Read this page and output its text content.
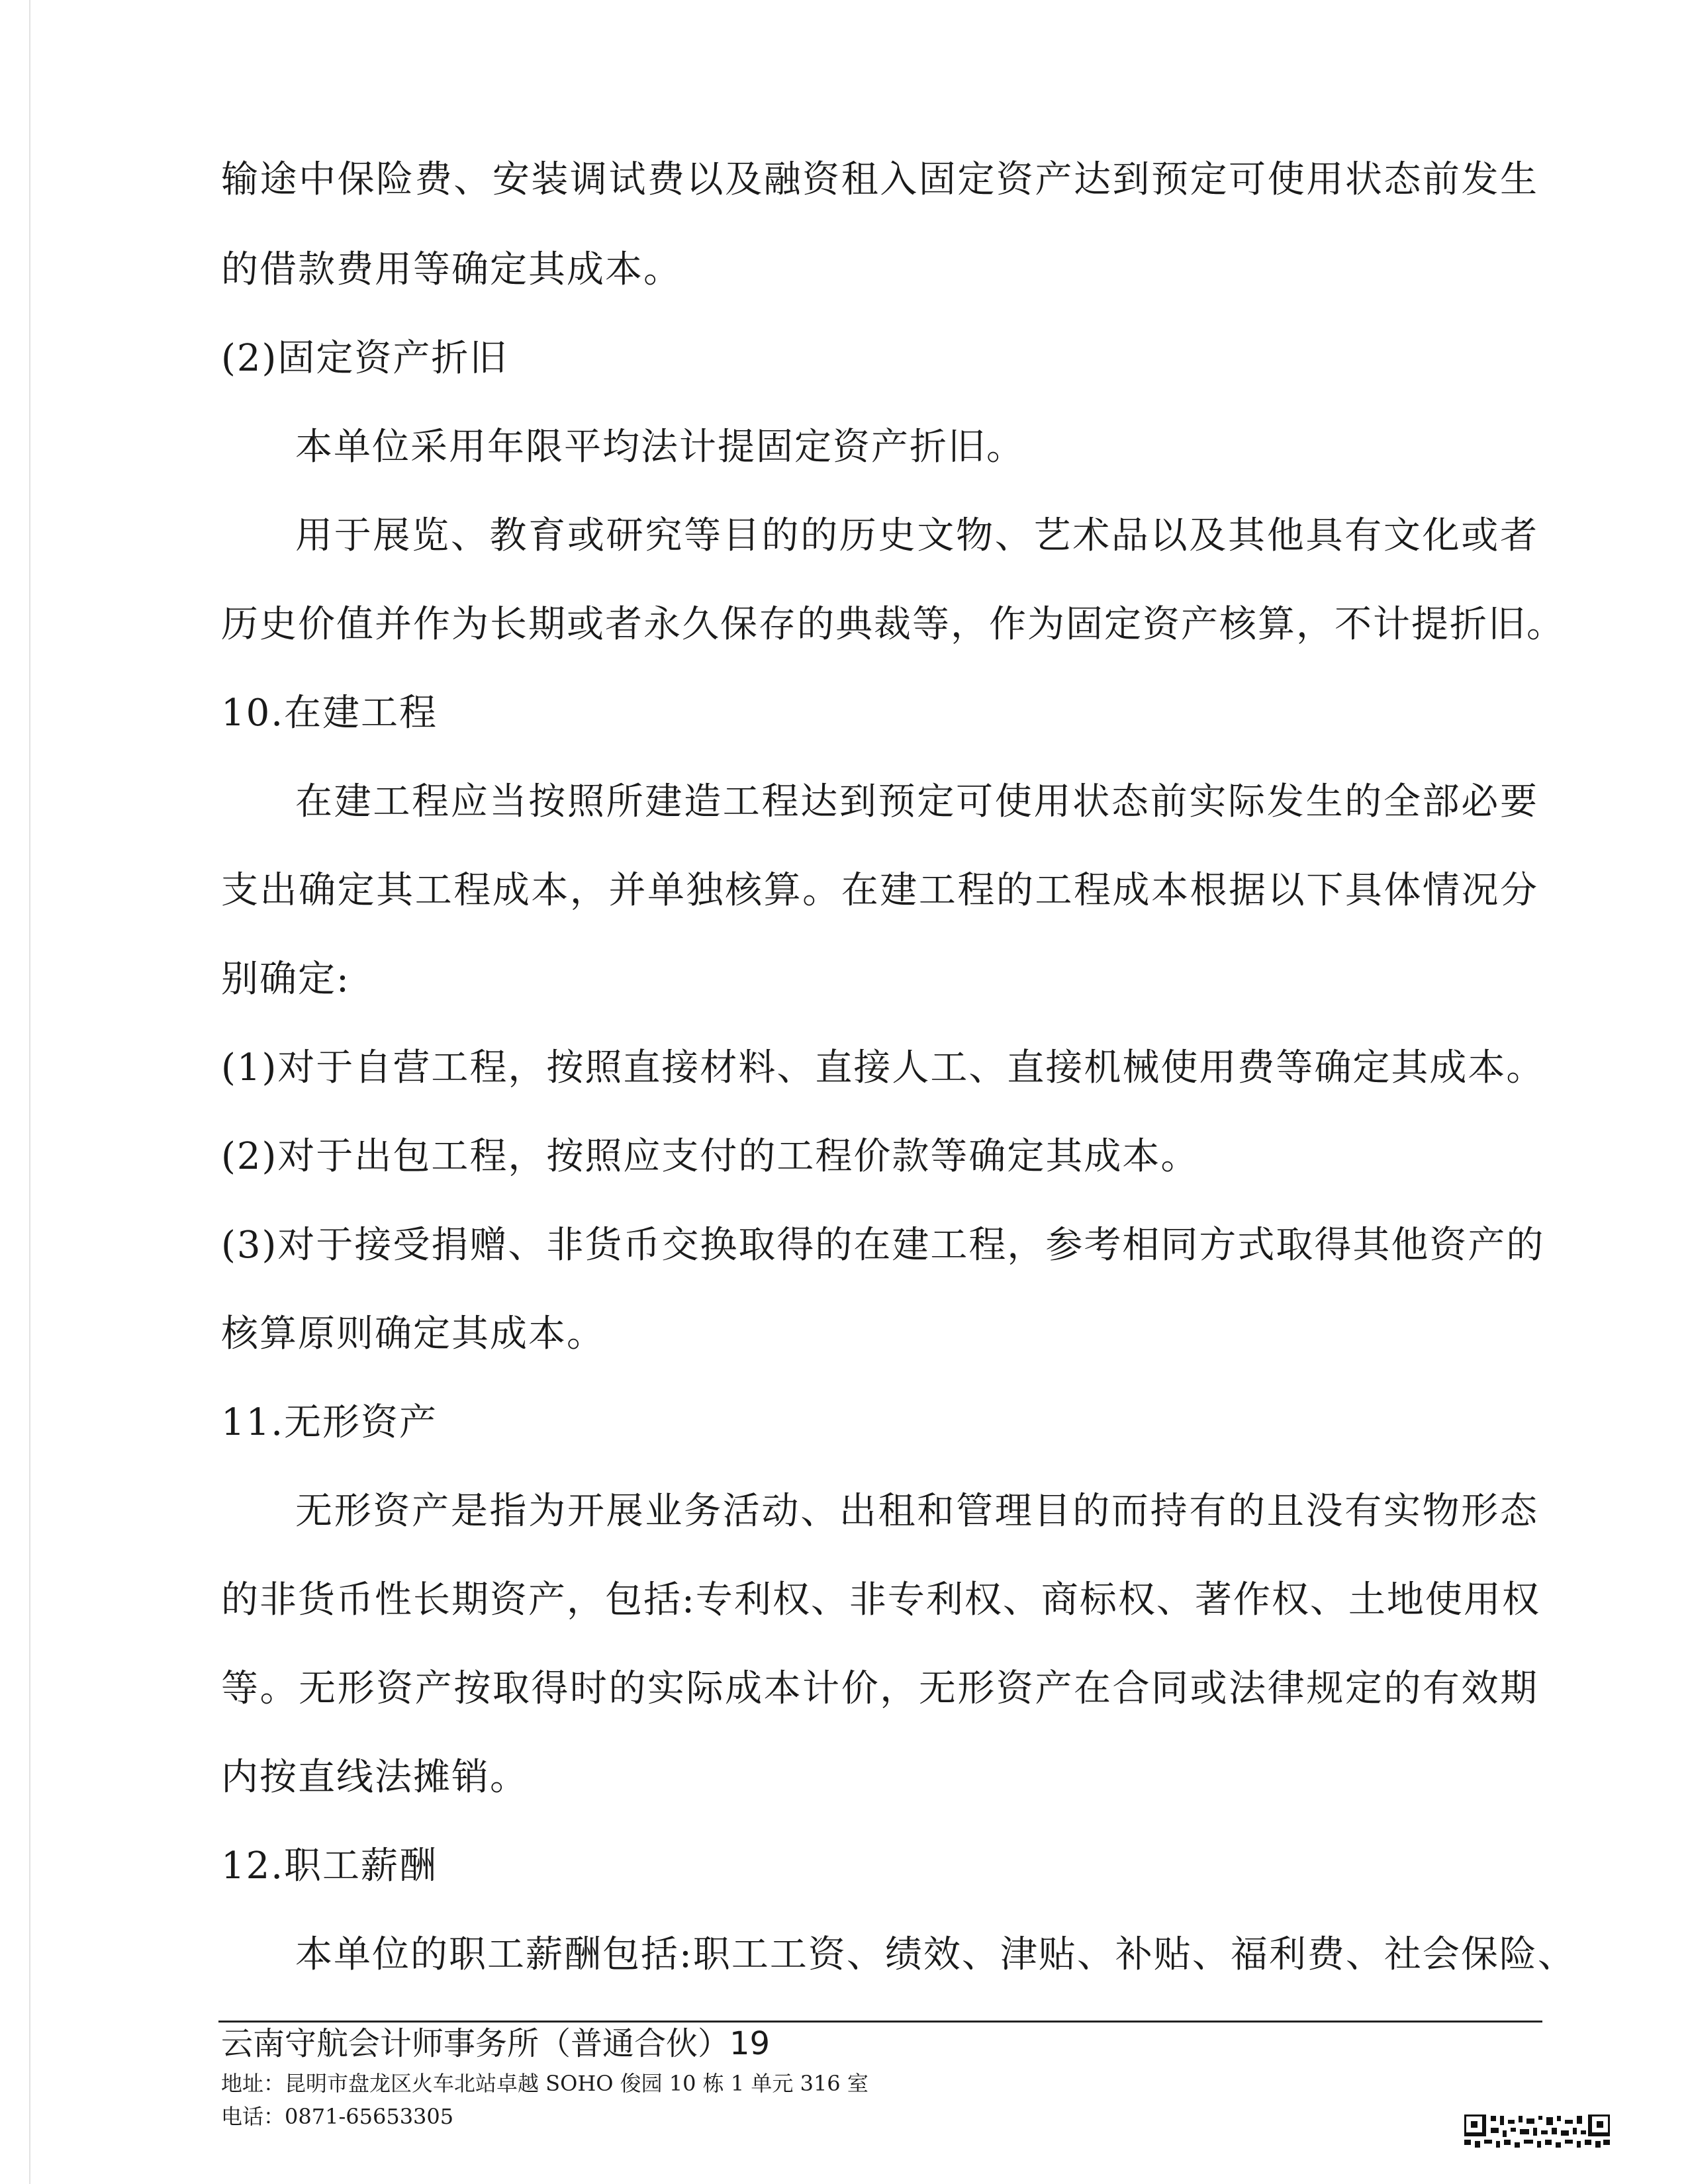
输途中保险费、安装调试费以及融资租入固定资产达到预定可使用状态前发生
的借款费用等确定其成本。
(2)固定资产折旧
本单位采用年限平均法计提固定资产折旧。
用于展览、教育或研究等目的的历史文物、艺术品以及其他具有文化或者
历史价值并作为长期或者永久保存的典裁等，作为固定资产核算，不计提折旧。
10.在建工程
在建工程应当按照所建造工程达到预定可使用状态前实际发生的全部必要
支出确定其工程成本，并单独核算。在建工程的工程成本根据以下具体情况分
别确定:
(1)对于自营工程，按照直接材料、直接人工、直接机械使用费等确定其成本。
(2)对于出包工程，按照应支付的工程价款等确定其成本。
(3)对于接受捐赠、非货币交换取得的在建工程，参考相同方式取得其他资产的
核算原则确定其成本。
11.无形资产
无形资产是指为开展业务活动、出租和管理目的而持有的且没有实物形态
的非货币性长期资产，包括:专利权、非专利权、商标权、著作权、土地使用权
等。无形资产按取得时的实际成本计价，无形资产在合同或法律规定的有效期
内按直线法摊销。
12.职工薪酬
本单位的职工薪酬包括:职工工资、绩效、津贴、补贴、福利费、社会保险、
云南守航会计师事务所（普通合伙）19
地址：昆明市盘龙区火车北站卓越 SOHO 俊园 10 栋 1 单元 316 室
电话：0871-65653305
